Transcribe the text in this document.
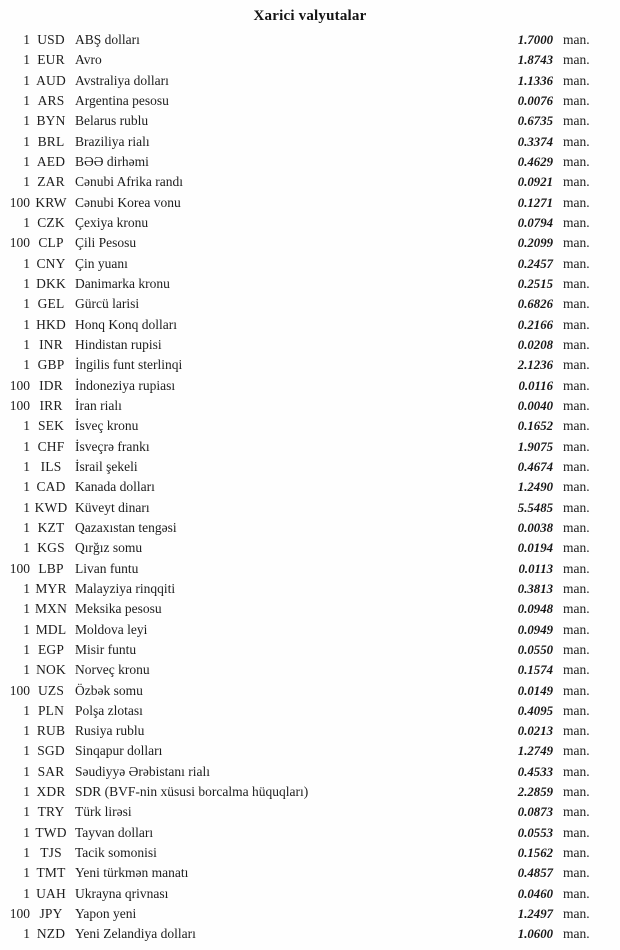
Xarici valyutalar
1 USD ABŞ dolları	1.7000 man.
1 EUR Avro	1.8743 man.
1 AUD Avstraliya dolları	1.1336 man.
1 ARS Argentina pesosu	0.0076 man.
1 BYN Belarus rublu	0.6735 man.
1 BRL Braziliya rialı	0.3374 man.
1 AED BƏƏ dirhəmi	0.4629 man.
1 ZAR Cənubi Afrika randı	0.0921 man.
100 KRW Cənubi Korea vonu	0.1271 man.
1 CZK Çexiya kronu	0.0794 man.
100 CLP Çili Pesosu	0.2099 man.
1 CNY Çin yuanı	0.2457 man.
1 DKK Danimarka kronu	0.2515 man.
1 GEL Gürcü larisi	0.6826 man.
1 HKD Honq Konq dolları	0.2166 man.
1 INR Hindistan rupisi	0.0208 man.
1 GBP İngilis funt sterlinqi	2.1236 man.
100 IDR İndoneziya rupiası	0.0116 man.
100 IRR İran rialı	0.0040 man.
1 SEK İsveç kronu	0.1652 man.
1 CHF İsveçrə frankı	1.9075 man.
1 ILS	İsrail şekeli	0.4674 man.
1 CAD Kanada dolları	1.2490 man.
1 KWD Küveyt dinarı	5.5485 man.
1 KZT Qazaxıstan tengəsi	0.0038 man.
1 KGS Qırğız somu	0.0194 man.
100 LBP Livan funtu	0.0113 man.
1 MYR Malayziya rinqqiti	0.3813 man.
1 MXN Meksika pesosu	0.0948 man.
1 MDL Moldova leyi	0.0949 man.
1 EGP Misir funtu	0.0550 man.
1 NOK Norveç kronu	0.1574 man.
100 UZS Özbək somu	0.0149 man.
1 PLN Polşa zlotası	0.4095 man.
1 RUB Rusiya rublu	0.0213 man.
1 SGD Sinqapur dolları	1.2749 man.
1 SAR Səudiyyə Ərəbistanı rialı	0.4533 man.
1 XDR SDR (BVF-nin xüsusi borcalma hüquqları)	2.2859 man.
1 TRY Türk lirəsi	0.0873 man.
1 TWD Tayvan dolları	0.0553 man.
1 TJS Tacik somonisi	0.1562 man.
1 TMT Yeni türkmən manatı	0.4857 man.
1 UAH Ukrayna qrivnası	0.0460 man.
100 JPY Yapon yeni	1.2497 man.
1 NZD Yeni Zelandiya dolları	1.0600 man.
